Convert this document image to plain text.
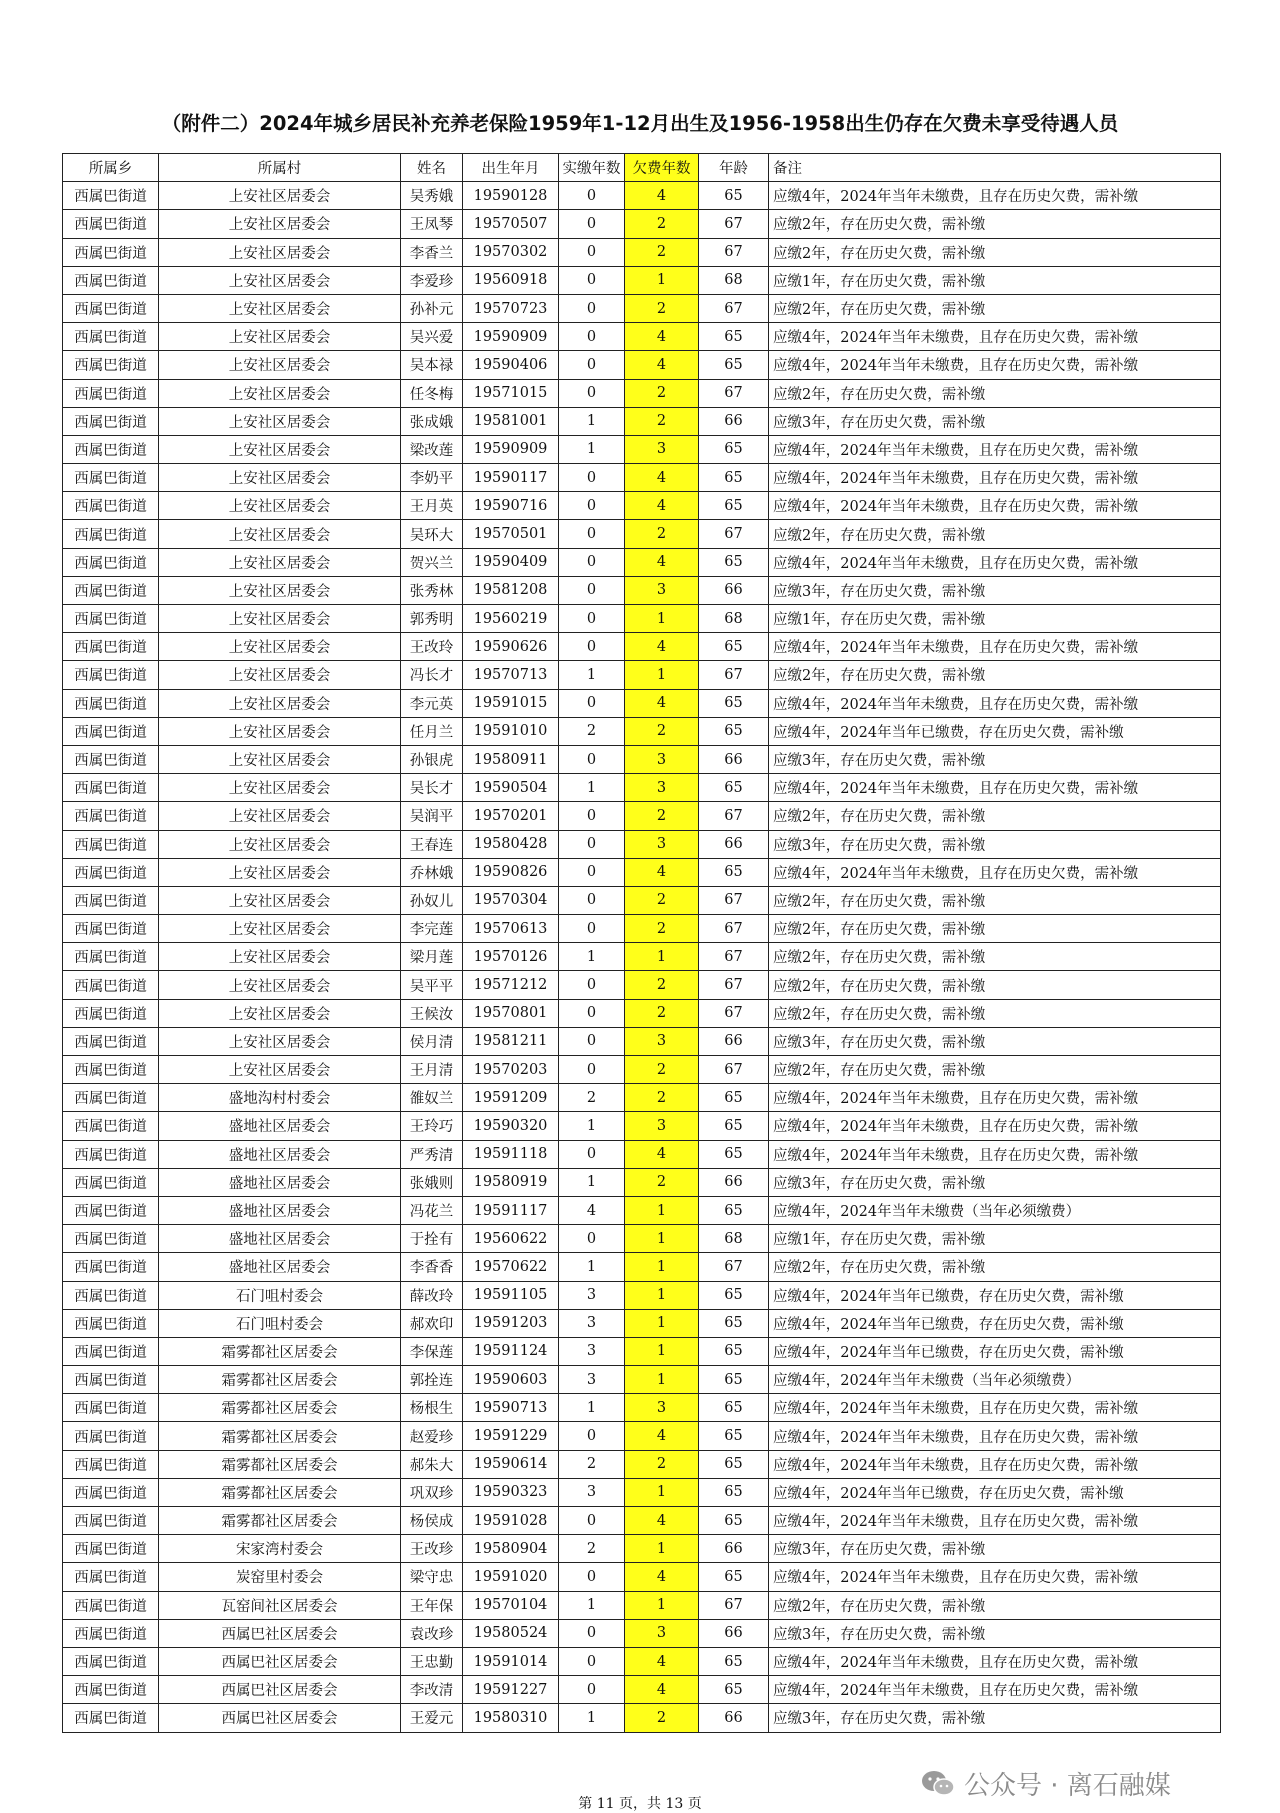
（附件二）2024年城乡居民补充养老保险1959年1-12月出生及1956-1958出生仍存在欠费未享受待遇人员
所属乡	所属村	姓名	出生年月	实缴年数	欠费年数	年龄	备注
西属巴街道	上安社区居委会	吴秀娥	19590128	0	4	65	应缴4年，2024年当年未缴费，且存在历史欠费，需补缴
西属巴街道	上安社区居委会	王凤琴	19570507	0	2	67	应缴2年，存在历史欠费，需补缴
西属巴街道	上安社区居委会	李香兰	19570302	0	2	67	应缴2年，存在历史欠费，需补缴
西属巴街道	上安社区居委会	李爱珍	19560918	0	1	68	应缴1年，存在历史欠费，需补缴
西属巴街道	上安社区居委会	孙补元	19570723	0	2	67	应缴2年，存在历史欠费，需补缴
西属巴街道	上安社区居委会	吴兴爱	19590909	0	4	65	应缴4年，2024年当年未缴费，且存在历史欠费，需补缴
西属巴街道	上安社区居委会	吴本禄	19590406	0	4	65	应缴4年，2024年当年未缴费，且存在历史欠费，需补缴
西属巴街道	上安社区居委会	任冬梅	19571015	0	2	67	应缴2年，存在历史欠费，需补缴
西属巴街道	上安社区居委会	张成娥	19581001	1	2	66	应缴3年，存在历史欠费，需补缴
西属巴街道	上安社区居委会	梁改莲	19590909	1	3	65	应缴4年，2024年当年未缴费，且存在历史欠费，需补缴
西属巴街道	上安社区居委会	李奶平	19590117	0	4	65	应缴4年，2024年当年未缴费，且存在历史欠费，需补缴
西属巴街道	上安社区居委会	王月英	19590716	0	4	65	应缴4年，2024年当年未缴费，且存在历史欠费，需补缴
西属巴街道	上安社区居委会	吴环大	19570501	0	2	67	应缴2年，存在历史欠费，需补缴
西属巴街道	上安社区居委会	贺兴兰	19590409	0	4	65	应缴4年，2024年当年未缴费，且存在历史欠费，需补缴
西属巴街道	上安社区居委会	张秀林	19581208	0	3	66	应缴3年，存在历史欠费，需补缴
西属巴街道	上安社区居委会	郭秀明	19560219	0	1	68	应缴1年，存在历史欠费，需补缴
西属巴街道	上安社区居委会	王改玲	19590626	0	4	65	应缴4年，2024年当年未缴费，且存在历史欠费，需补缴
西属巴街道	上安社区居委会	冯长才	19570713	1	1	67	应缴2年，存在历史欠费，需补缴
西属巴街道	上安社区居委会	李元英	19591015	0	4	65	应缴4年，2024年当年未缴费，且存在历史欠费，需补缴
西属巴街道	上安社区居委会	任月兰	19591010	2	2	65	应缴4年，2024年当年已缴费，存在历史欠费，需补缴
西属巴街道	上安社区居委会	孙银虎	19580911	0	3	66	应缴3年，存在历史欠费，需补缴
西属巴街道	上安社区居委会	吴长才	19590504	1	3	65	应缴4年，2024年当年未缴费，且存在历史欠费，需补缴
西属巴街道	上安社区居委会	吴润平	19570201	0	2	67	应缴2年，存在历史欠费，需补缴
西属巴街道	上安社区居委会	王春连	19580428	0	3	66	应缴3年，存在历史欠费，需补缴
西属巴街道	上安社区居委会	乔林娥	19590826	0	4	65	应缴4年，2024年当年未缴费，且存在历史欠费，需补缴
西属巴街道	上安社区居委会	孙奴儿	19570304	0	2	67	应缴2年，存在历史欠费，需补缴
西属巴街道	上安社区居委会	李完莲	19570613	0	2	67	应缴2年，存在历史欠费，需补缴
西属巴街道	上安社区居委会	梁月莲	19570126	1	1	67	应缴2年，存在历史欠费，需补缴
西属巴街道	上安社区居委会	吴平平	19571212	0	2	67	应缴2年，存在历史欠费，需补缴
西属巴街道	上安社区居委会	王候汝	19570801	0	2	67	应缴2年，存在历史欠费，需补缴
西属巴街道	上安社区居委会	侯月清	19581211	0	3	66	应缴3年，存在历史欠费，需补缴
西属巴街道	上安社区居委会	王月清	19570203	0	2	67	应缴2年，存在历史欠费，需补缴
西属巴街道	盛地沟村村委会	雒奴兰	19591209	2	2	65	应缴4年，2024年当年未缴费，且存在历史欠费，需补缴
西属巴街道	盛地社区居委会	王玲巧	19590320	1	3	65	应缴4年，2024年当年未缴费，且存在历史欠费，需补缴
西属巴街道	盛地社区居委会	严秀清	19591118	0	4	65	应缴4年，2024年当年未缴费，且存在历史欠费，需补缴
西属巴街道	盛地社区居委会	张娥则	19580919	1	2	66	应缴3年，存在历史欠费，需补缴
西属巴街道	盛地社区居委会	冯花兰	19591117	4	1	65	应缴4年，2024年当年未缴费（当年必须缴费）
西属巴街道	盛地社区居委会	于拴有	19560622	0	1	68	应缴1年，存在历史欠费，需补缴
西属巴街道	盛地社区居委会	李香香	19570622	1	1	67	应缴2年，存在历史欠费，需补缴
西属巴街道	石门咀村委会	薛改玲	19591105	3	1	65	应缴4年，2024年当年已缴费，存在历史欠费，需补缴
西属巴街道	石门咀村委会	郝欢印	19591203	3	1	65	应缴4年，2024年当年已缴费，存在历史欠费，需补缴
西属巴街道	霜雾都社区居委会	李保莲	19591124	3	1	65	应缴4年，2024年当年已缴费，存在历史欠费，需补缴
西属巴街道	霜雾都社区居委会	郭拴连	19590603	3	1	65	应缴4年，2024年当年未缴费（当年必须缴费）
西属巴街道	霜雾都社区居委会	杨根生	19590713	1	3	65	应缴4年，2024年当年未缴费，且存在历史欠费，需补缴
西属巴街道	霜雾都社区居委会	赵爱珍	19591229	0	4	65	应缴4年，2024年当年未缴费，且存在历史欠费，需补缴
西属巴街道	霜雾都社区居委会	郝朱大	19590614	2	2	65	应缴4年，2024年当年未缴费，且存在历史欠费，需补缴
西属巴街道	霜雾都社区居委会	巩双珍	19590323	3	1	65	应缴4年，2024年当年已缴费，存在历史欠费，需补缴
西属巴街道	霜雾都社区居委会	杨侯成	19591028	0	4	65	应缴4年，2024年当年未缴费，且存在历史欠费，需补缴
西属巴街道	宋家湾村委会	王改珍	19580904	2	1	66	应缴3年，存在历史欠费，需补缴
西属巴街道	炭窑里村委会	梁守忠	19591020	0	4	65	应缴4年，2024年当年未缴费，且存在历史欠费，需补缴
西属巴街道	瓦窑间社区居委会	王年保	19570104	1	1	67	应缴2年，存在历史欠费，需补缴
西属巴街道	西属巴社区居委会	袁改珍	19580524	0	3	66	应缴3年，存在历史欠费，需补缴
西属巴街道	西属巴社区居委会	王忠勤	19591014	0	4	65	应缴4年，2024年当年未缴费，且存在历史欠费，需补缴
西属巴街道	西属巴社区居委会	李改清	19591227	0	4	65	应缴4年，2024年当年未缴费，且存在历史欠费，需补缴
西属巴街道	西属巴社区居委会	王爱元	19580310	1	2	66	应缴3年，存在历史欠费，需补缴
第 11 页，共 13 页
公众号 · 离石融媒
